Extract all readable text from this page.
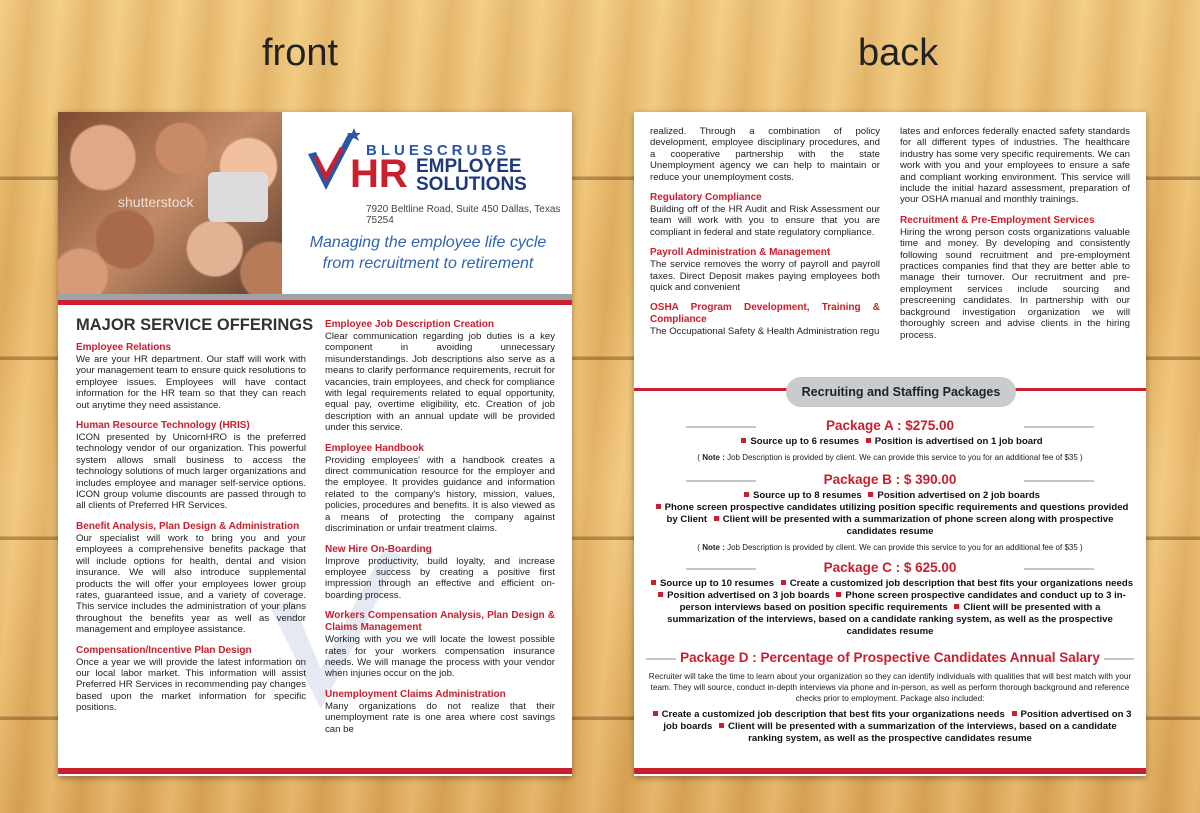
front	back
shutterstock
BLUESCRUBS
HR EMPLOYEE
SOLUTIONS
7920 Beltline Road, Suite 450 Dallas, Texas 75254
Managing the employee life cycle
from recruitment to retirement
MAJOR SERVICE OFFERINGS
Employee Relations

We are your HR department. Our staff will work with your management team to ensure quick resolutions to employee issues. Employees will have contact information for the HR team so that they can reach out anytime they need assistance.

Human Resource Technology (HRIS)

ICON presented by UnicornHRO is the preferred technology vendor of our organization. This powerful system allows small business to access the technology solutions of much larger organizations and includes employee and manager self-service options. ICON group volume discounts are passed through to all clients of Preferred HR Services.

Benefit Analysis, Plan Design & Administration

Our specialist will work to bring you and your employees a comprehensive benefits package that will include options for health, dental and vision insurance. We will also introduce supplemental products the will offer your employees lower group rates, guaranteed issue, and a variety of coverage. This service includes the administration of your plans throughout the benefits year as well as vendor management and employee assistance.

Compensation/Incentive Plan Design

Once a year we will provide the latest information on our local labor market. This information will assist Preferred HR Services in recommending pay changes based upon the market information for specific positions.

Employee Job Description Creation

Clear communication regarding job duties is a key component in avoiding unnecessary misunderstandings. Job descriptions also serve as a means to clarify performance requirements, recruit for vacancies, train employees, and check for compliance with legal requirements related to equal opportunity, equal pay, overtime eligibility, etc. Creation of job description with an annual update will be provided under this service.

Employee Handbook

Providing employees' with a handbook creates a direct communication resource for the employer and the employee. It provides guidance and information related to the company's history, mission, values, policies, procedures and benefits. It is also viewed as a means of protecting the company against discrimination or unfair treatment claims.

New Hire On-Boarding

Improve productivity, build loyalty, and increase employee success by creating a positive first impression through an effective and efficient on-boarding process.

Workers Compensation Analysis, Plan Design & Claims Management

Working with you we will locate the lowest possible rates for your workers compensation insurance needs. We will manage the process with your vendor when injuries occur on the job.

Unemployment Claims Administration

Many organizations do not realize that their unemployment rate is one area where cost savings can be

realized. Through a combination of policy development, employee disciplinary procedures, and a cooperative partnership with the state Unemployment agency we can help to maintain or reduce your unemployment costs.

Regulatory Compliance

Building off of the HR Audit and Risk Assessment our team will work with you to ensure that you are compliant in federal and state regulatory compliance.

Payroll Administration & Management

The service removes the worry of payroll and payroll taxes. Direct Deposit makes paying employees both quick and convenient

OSHA Program Development, Training & Compliance

The Occupational Safety & Health Administration regu

lates and enforces federally enacted safety standards for all different types of industries. The healthcare industry has some very specific requirements. We can work with you and your employees to ensure a safe and compliant working environment. This service will include the initial hazard assessment, preparation of your OSHA manual and monthly trainings.

Recruitment & Pre-Employment Services

Hiring the wrong person costs organizations valuable time and money. By developing and consistently following sound recruitment and pre-employment practices companies find that they are better able to manage their turnover. Our recruitment and pre-employment services include sourcing and prescreening candidates. In partnership with our background investigation organization we will thoroughly screen and advise clients in the hiring process.

Recruiting and Staffing Packages
Package A : $275.00
Source up to 6 resumes Position is advertised on 1 job board
( Note : Job Description is provided by client. We can provide this service to you for an additional fee of $35 )
Package B : $ 390.00
Source up to 8 resumes Position advertised on 2 job boards
Phone screen prospective candidates utilizing position specific requirements and questions provided by Client Client will be presented with a summarization of phone screen along with prospective candidates resume
( Note : Job Description is provided by client. We can provide this service to you for an additional fee of $35 )
Package C : $ 625.00
Source up to 10 resumes Create a customized job description that best fits your organizations needs Position advertised on 3 job boards Phone screen prospective candidates and conduct up to 3 in-person interviews based on position specific requirements Client will be presented with a summarization of the interviews, based on a candidate ranking system, as well as the prospective candidates resume
Package D : Percentage of Prospective Candidates Annual Salary
Recruiter will take the time to learn about your organization so they can identify individuals with qualities that will best match with your team. They will source, conduct in-depth interviews via phone and in-person, as well as perform thorough background and reference checks prior to employment. Package also included:
Create a customized job description that best fits your organizations needs Position advertised on 3 job boards Client will be presented with a summarization of the interviews, based on a candidate ranking system, as well as the prospective candidates resume
